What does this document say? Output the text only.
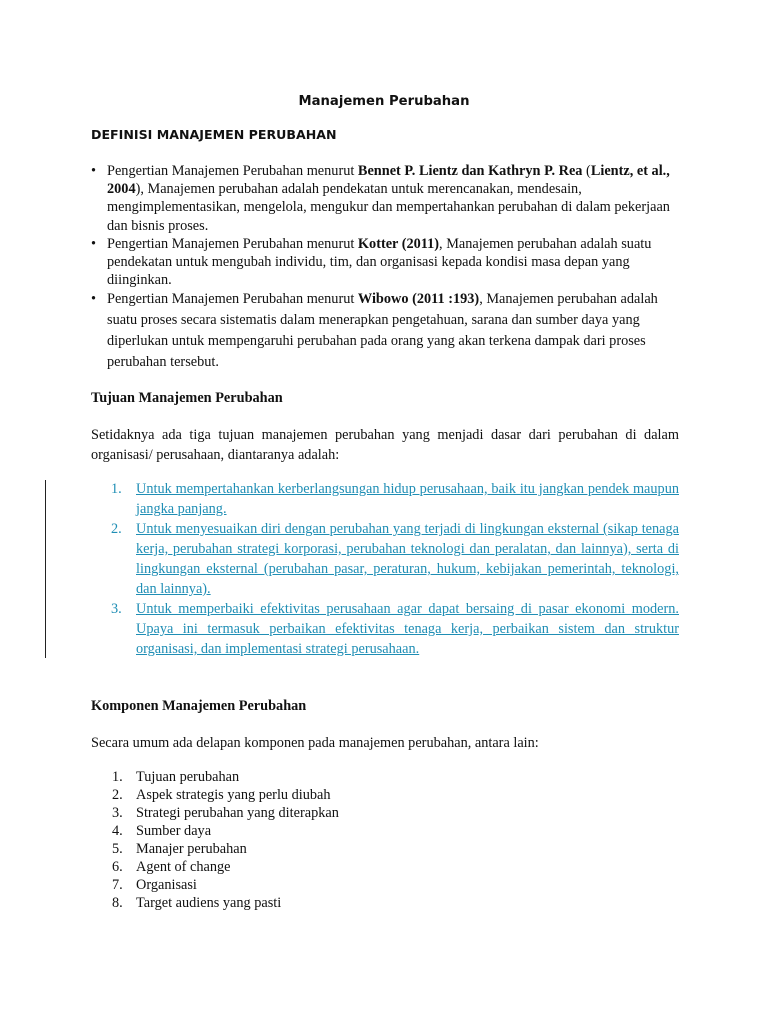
Manajemen Perubahan
DEFINISI MANAJEMEN PERUBAHAN
• Pengertian Manajemen Perubahan menurut Bennet P. Lientz dan Kathryn P. Rea (Lientz, et al., 2004), Manajemen perubahan adalah pendekatan untuk merencanakan, mendesain, mengimplementasikan, mengelola, mengukur dan mempertahankan perubahan di dalam pekerjaan dan bisnis proses.
• Pengertian Manajemen Perubahan menurut Kotter (2011), Manajemen perubahan adalah suatu pendekatan untuk mengubah individu, tim, dan organisasi kepada kondisi masa depan yang diinginkan.
• Pengertian Manajemen Perubahan menurut Wibowo (2011 :193), Manajemen perubahan adalah suatu proses secara sistematis dalam menerapkan pengetahuan, sarana dan sumber daya yang diperlukan untuk mempengaruhi perubahan pada orang yang akan terkena dampak dari proses perubahan tersebut.
Tujuan Manajemen Perubahan
Setidaknya ada tiga tujuan manajemen perubahan yang menjadi dasar dari perubahan di dalam organisasi/ perusahaan, diantaranya adalah:
1. Untuk mempertahankan kerberlangsungan hidup perusahaan, baik itu jangkan pendek maupun jangka panjang.
2. Untuk menyesuaikan diri dengan perubahan yang terjadi di lingkungan eksternal (sikap tenaga kerja, perubahan strategi korporasi, perubahan teknologi dan peralatan, dan lainnya), serta di lingkungan eksternal (perubahan pasar, peraturan, hukum, kebijakan pemerintah, teknologi, dan lainnya).
3. Untuk memperbaiki efektivitas perusahaan agar dapat bersaing di pasar ekonomi modern. Upaya ini termasuk perbaikan efektivitas tenaga kerja, perbaikan sistem dan struktur organisasi, dan implementasi strategi perusahaan.
Komponen Manajemen Perubahan
Secara umum ada delapan komponen pada manajemen perubahan, antara lain:
1. Tujuan perubahan
2. Aspek strategis yang perlu diubah
3. Strategi perubahan yang diterapkan
4. Sumber daya
5. Manajer perubahan
6. Agent of change
7. Organisasi
8. Target audiens yang pasti
